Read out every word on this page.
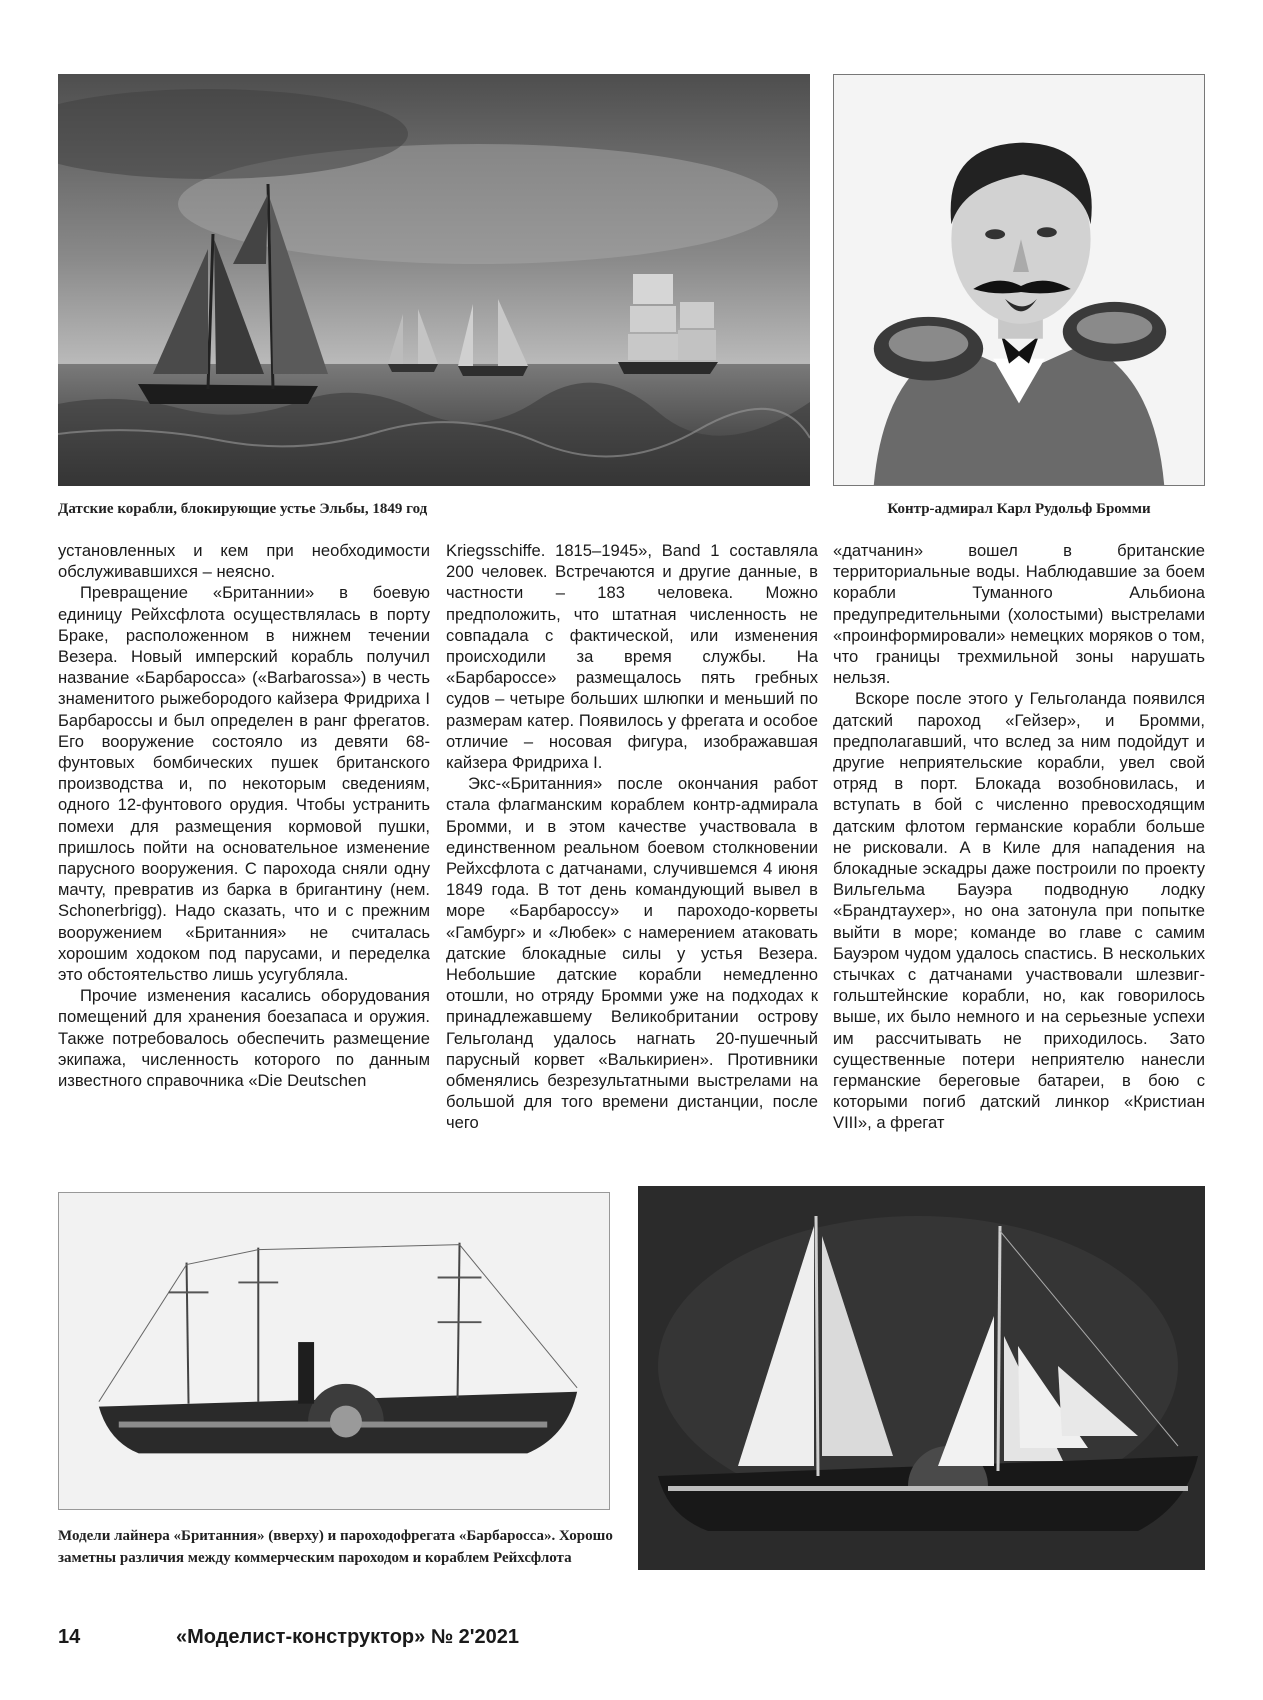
Датские корабли, блокирующие устье Эльбы, 1849 год	Контр-адмирал Карл Рудольф Бромми

установленных и кем при необходимости обслуживавшихся – неясно.

Превращение «Британнии» в боевую единицу Рейхсфлота осуществлялась в порту Браке, расположенном в нижнем течении Везера. Новый имперский корабль получил название «Барбаросса» («Barbarossa») в честь знаменитого рыжебородого кайзера Фридриха I Барбароссы и был определен в ранг фрегатов. Его вооружение состояло из девяти 68-фунтовых бомбических пушек британского производства и, по некоторым сведениям, одного 12-фунтового орудия. Чтобы устранить помехи для размещения кормовой пушки, пришлось пойти на основательное изменение парусного вооружения. С парохода сняли одну мачту, превратив из барка в бригантину (нем. Schonerbrigg). Надо сказать, что и с прежним вооружением «Британния» не считалась хорошим ходоком под парусами, и переделка это обстоятельство лишь усугубляла.

Прочие изменения касались оборудования помещений для хранения боезапаса и оружия. Также потребовалось обеспечить размещение экипажа, численность которого по данным известного справочника «Die Deutschen

Kriegsschiffe. 1815–1945», Band 1 составляла 200 человек. Встречаются и другие данные, в частности – 183 человека. Можно предположить, что штатная численность не совпадала с фактической, или изменения происходили за время службы. На «Барбароссе» размещалось пять гребных судов – четыре больших шлюпки и меньший по размерам катер. Появилось у фрегата и особое отличие – носовая фигура, изображавшая кайзера Фридриха I.

Экс-«Британния» после окончания работ стала флагманским кораблем контр-адмирала Бромми, и в этом качестве участвовала в единственном реальном боевом столкновении Рейхсфлота с датчанами, случившемся 4 июня 1849 года. В тот день командующий вывел в море «Барбароссу» и пароходо-корветы «Гамбург» и «Любек» с намерением атаковать датские блокадные силы у устья Везера. Небольшие датские корабли немедленно отошли, но отряду Бромми уже на подходах к принадлежавшему Великобритании острову Гельголанд удалось нагнать 20-пушечный парусный корвет «Валькириен». Противники обменялись безрезультатными выстрелами на большой для того времени дистанции, после чего

«датчанин» вошел в британские территориальные воды. Наблюдавшие за боем корабли Туманного Альбиона предупредительными (холостыми) выстрелами «проинформировали» немецких моряков о том, что границы трехмильной зоны нарушать нельзя.

Вскоре после этого у Гельголанда появился датский пароход «Гейзер», и Бромми, предполагавший, что вслед за ним подойдут и другие неприятельские корабли, увел свой отряд в порт. Блокада возобновилась, и вступать в бой с численно превосходящим датским флотом германские корабли больше не рисковали. А в Киле для нападения на блокадные эскадры даже построили по проекту Вильгельма Бауэра подводную лодку «Брандтаухер», но она затонула при попытке выйти в море; команде во главе с самим Бауэром чудом удалось спастись. В нескольких стычках с датчанами участвовали шлезвиг-гольштейнские корабли, но, как говорилось выше, их было немного и на серьезные успехи им рассчитывать не приходилось. Зато существенные потери неприятелю нанесли германские береговые батареи, в бою с которыми погиб датский линкор «Кристиан VIII», а фрегат

Модели лайнера «Британния» (вверху) и пароходофрегата «Барбаросса». Хорошо заметны различия между коммерческим пароходом и кораблем Рейхсфлота

14	«Моделист-конструктор» № 2'2021
